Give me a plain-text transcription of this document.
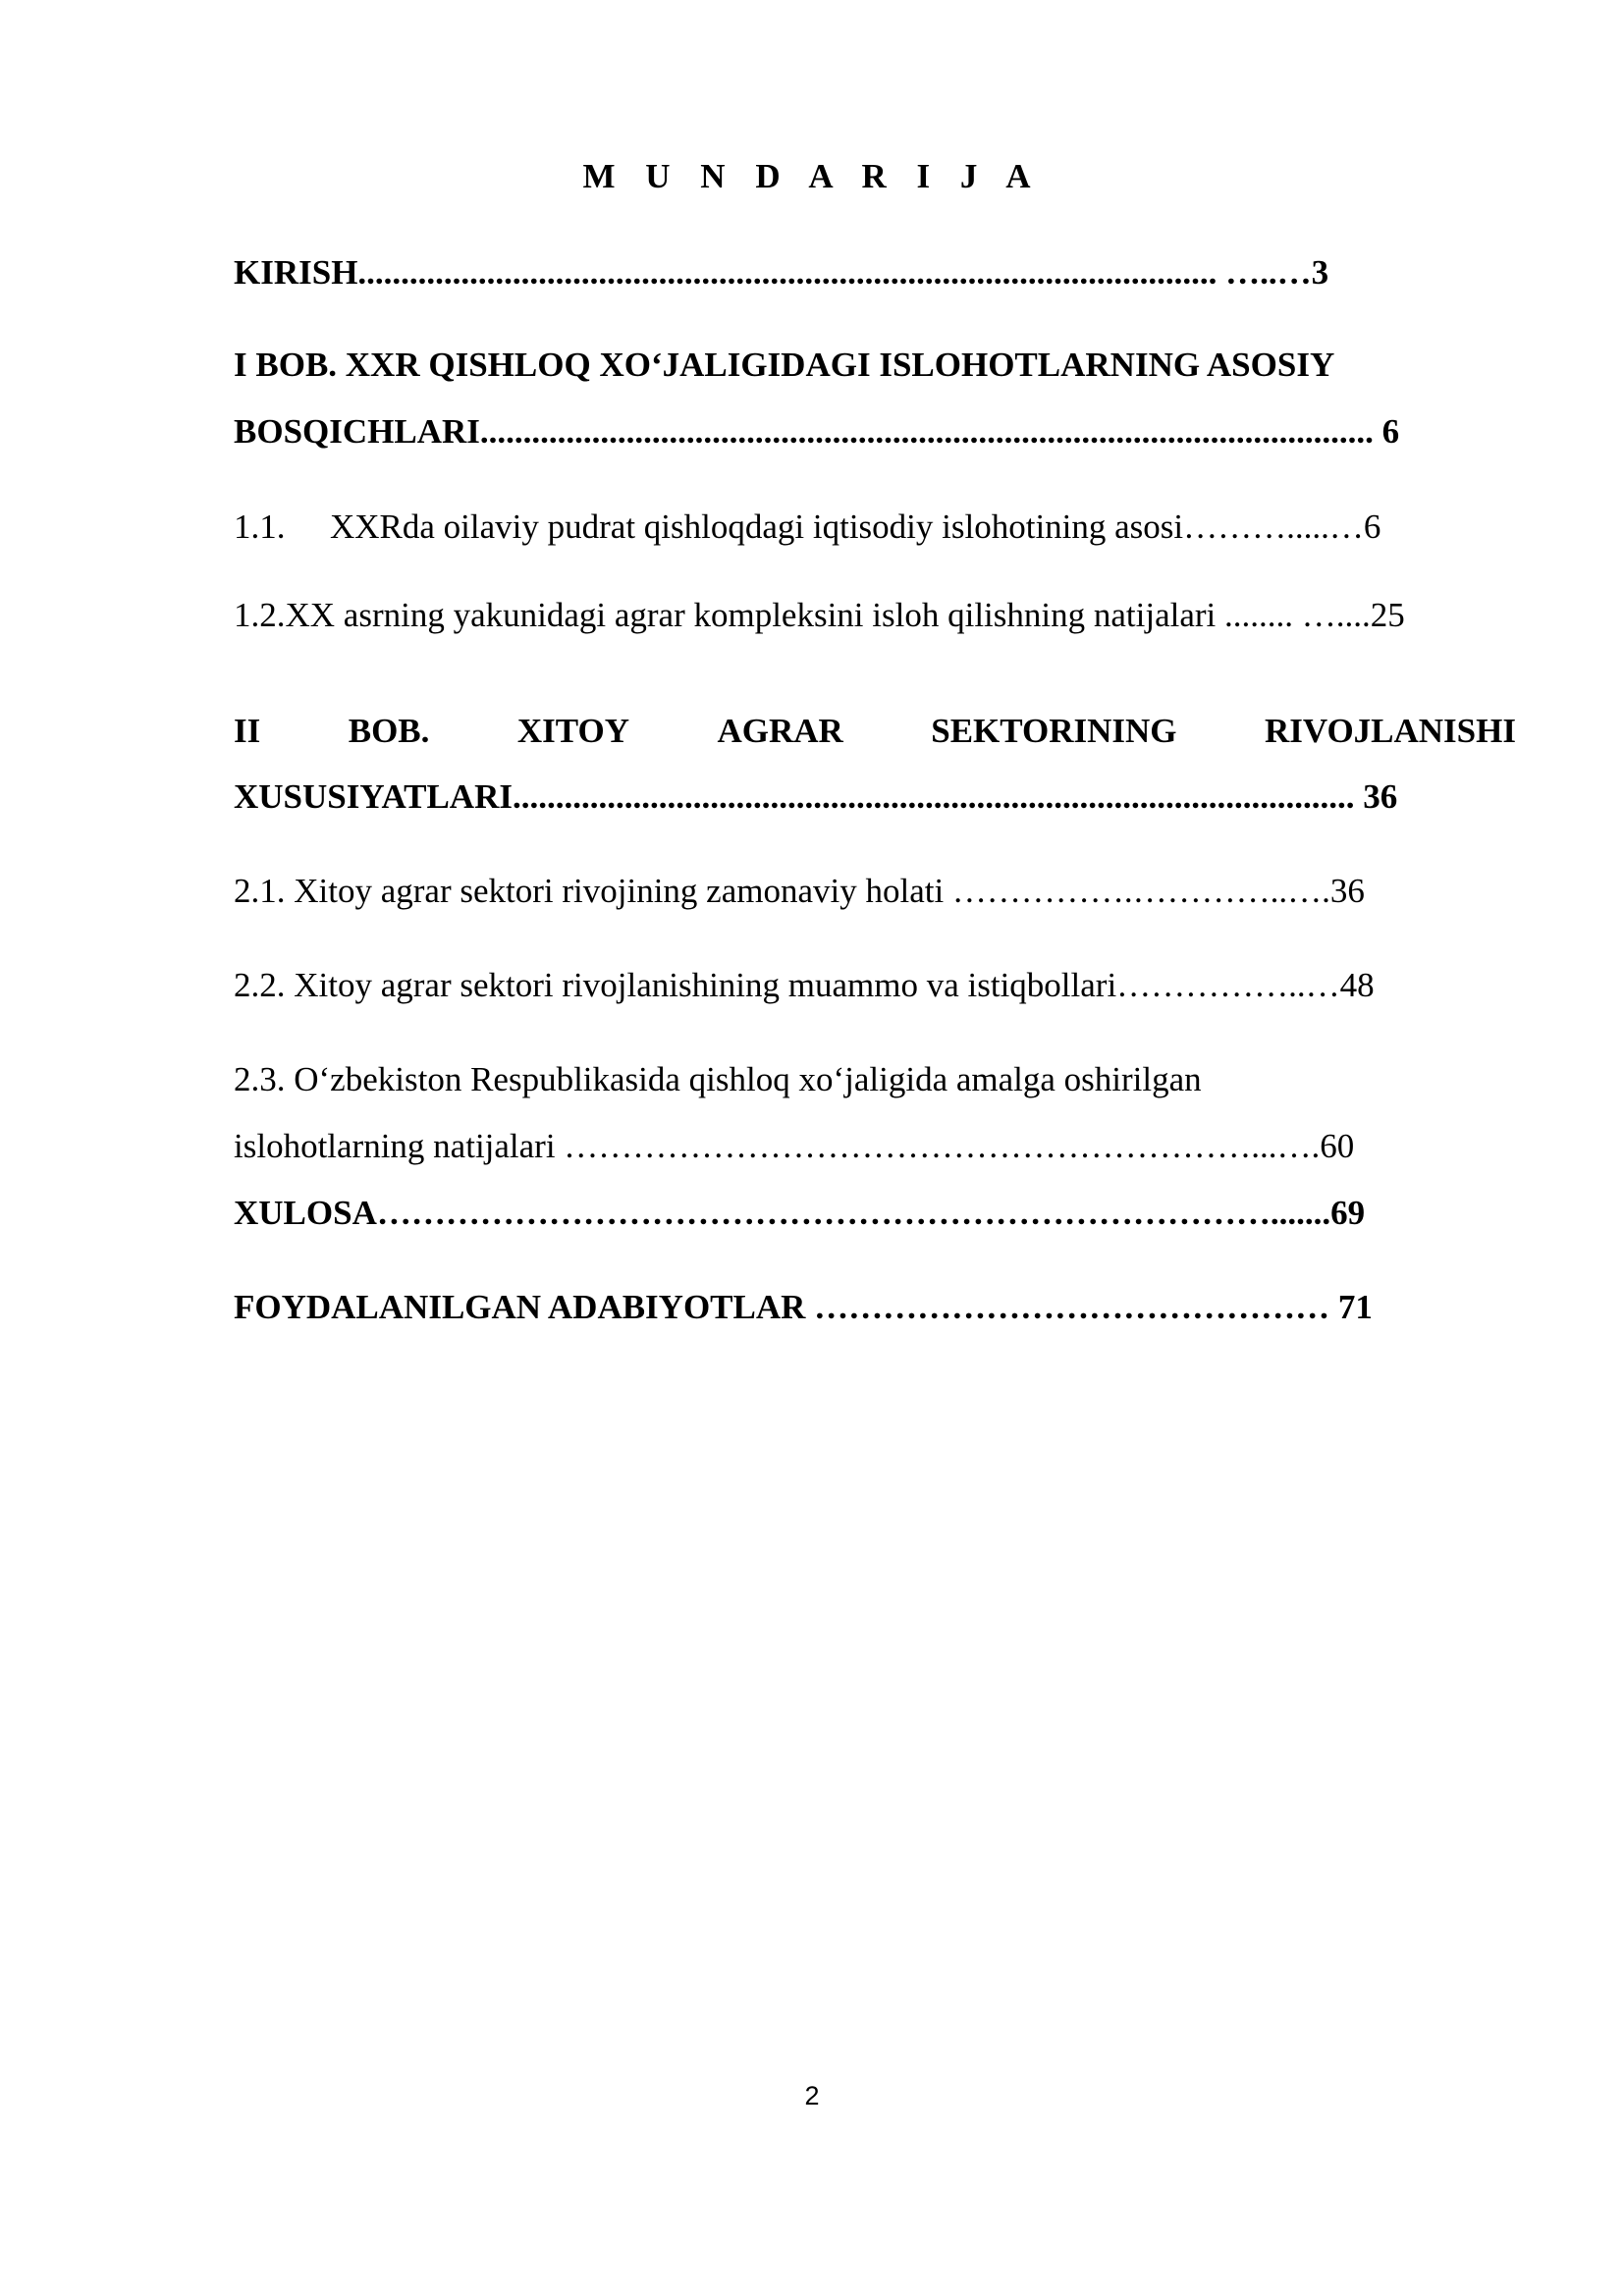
M U N D A R I J A
KIRISH.................................................................................................... …..…3
I BOB. XXR QISHLOQ XO‘JALIGIDAGI ISLOHOTLARNING ASOSIY
BOSQICHLARI........................................................................................................ 6
1.1. XXRda oilaviy pudrat qishloqdagi iqtisodiy islohotining asosi……….....…6
1.2.XX asrning yakunidagi agrar kompleksini isloh qilishning natijalari ........ …....25
II	BOB.	XITOY	AGRAR	SEKTORINING	RIVOJLANISHI
XUSUSIYATLARI.................................................................................................. 36
2.1. Xitoy agrar sektori rivojining zamonaviy holati …………….…………..….36
2.2. Xitoy agrar sektori rivojlanishining muammo va istiqbollari……………..…48
2.3. O‘zbekiston Respublikasida qishloq xo‘jaligida amalga oshirilgan
islohotlarning natijalari ……………………………………………………...….60
XULOSA…………………………………………………………………….......69
FOYDALANILGAN ADABIYOTLAR ……………………………………… 71
2
